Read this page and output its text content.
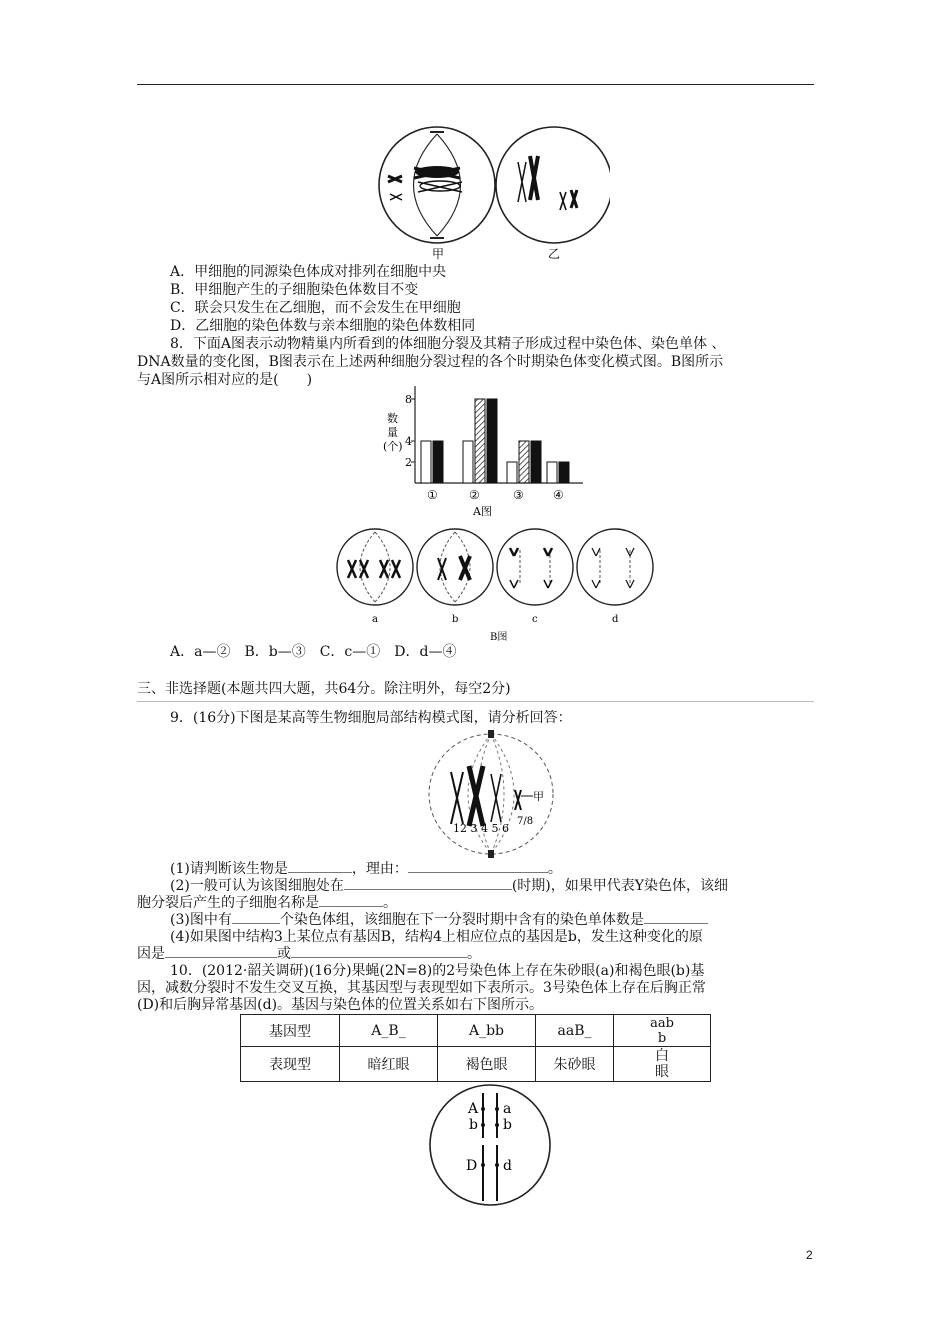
甲	乙
A．甲细胞的同源染色体成对排列在细胞中央
B．甲细胞产生的子细胞染色体数目不变
C．联会只发生在乙细胞，而不会发生在甲细胞
D．乙细胞的染色体数与亲本细胞的染色体数相同
8．下面A图表示动物精巢内所看到的体细胞分裂及其精子形成过程中染色体、染色单体 、
DNA数量的变化图，B图表示在上述两种细胞分裂过程的各个时期染色体变化模式图。B图所示
与A图所示相对应的是(　　)
数
量
(个)
2
4
8
①	②	③ ④
A图
a	b	c	d
B图
A．a—②　B．b—③　C．c—①　D．d—④
三、非选择题(本题共四大题，共64分。除注明外，每空2分)
9．(16分)下图是某高等生物细胞局部结构模式图，请分析回答：
12 3 4 5 6
7/8
甲
(1)请判断该生物是	，理由：	。
(2)一般可认为该图细胞处在	(时期)，如果甲代表Y染色体，该细
胞分裂后产生的子细胞名称是	。
(3)图中有	个染色体组，该细胞在下一分裂时期中含有的染色单体数是
(4)如果图中结构3上某位点有基因B，结构4上相应位点的基因是b，发生这种变化的原
因是	或	。
10．(2012·韶关调研)(16分)果蝇(2N=8)的2号染色体上存在朱砂眼(a)和褐色眼(b)基
因，减数分裂时不发生交叉互换，其基因型与表现型如下表所示。3号染色体上存在后胸正常
(D)和后胸异常基因(d)。基因与染色体的位置关系如右下图所示。
基因型	A_B_	A_bb	aaB_	aab
b
表现型	暗红眼	褐色眼	朱砂眼	白
眼
A a
b b
D d
2
